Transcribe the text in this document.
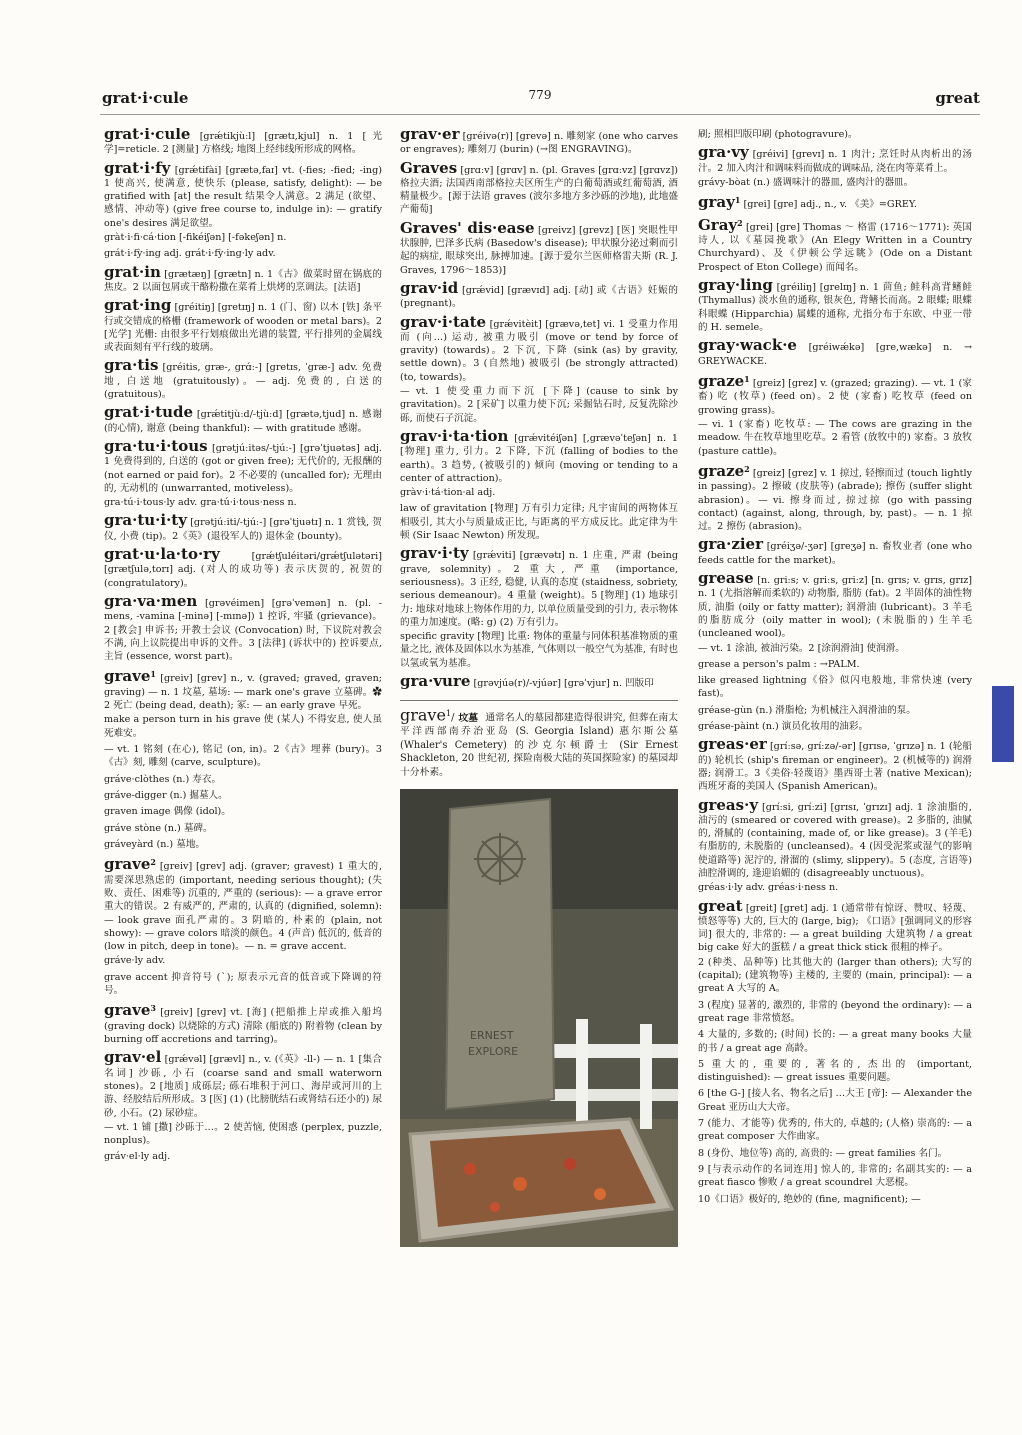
grat·i·cule	779	great
grat·i·cule [grǽtikjùːl] [grætɪ,kjul] n. 1 [光学]=reticle. 2 [测量] 方格线; 地图上经纬线所形成的网格。
grat·i·fy [grǽtifài] [grætə,faɪ] vt. (-fies; -fied; -ing) 1 使高兴, 使满意, 使快乐 (please, satisfy, delight): — be gratified with [at] the result 结果令人满意。2 满足 (欲望、感情、冲动等) (give free course to, indulge in): — gratify one's desires 满足欲望。
gràt·i·fi·cá·tion [-fikéiʃən] [-fəkeʃən] n.
grát·i·fỳ·ing adj. grát·i·fỳ·ing·ly adv.
grat·in [grætæŋ] [grætn] n. 1《古》做菜时留在锅底的焦皮。2 以面包屑或干酪粉撒在菜肴上烘烤的烹调法。[法语]
grat·ing [gréitiŋ] [gretɪŋ] n. 1 (门、窗) 以木 [铁] 条平行或交错成的格栅 (framework of wooden or metal bars)。2 [光学] 光栅: 由很多平行划痕做出光谱的装置, 平行排列的金属线或表面刻有平行线的玻璃。
gra·tis [gréitis, græ-, grɑ́ː-] [gretɪs, ˈgræ-] adv. 免费地, 白送地 (gratuitously)。— adj. 免费的, 白送的 (gratuitous)。
grat·i·tude [grǽtitjùːd/-tjùːd] [grætə,tjud] n. 感谢 (的心情), 谢意 (being thankful): — with gratitude 感谢。
gra·tu·i·tous [grətjúːitəs/-tjúː-] [grəˈtjuətəs] adj. 1 免费得到的, 白送的 (got or given free); 无代价的, 无报酬的 (not earned or paid for)。2 不必要的 (uncalled for); 无理由的, 无动机的 (unwarranted, motiveless)。
gra·tú·i·tous·ly adv. gra·tú·i·tous·ness n.
gra·tu·i·ty [grətjúːiti/-tjúː-] [grəˈtjuətɪ] n. 1 赏钱, 贺仪, 小费 (tip)。2《英》(退役军人的) 退休金 (bounty)。
grat·u·la·to·ry	[grǽtʃuléitəri/grǽtʃulətəri] [grætʃulə,torɪ] adj. (对人的成功等) 表示庆贺的, 祝贺的 (congratulatory)。
gra·va·men [grəvéimen] [grəˈvemən] n. (pl. -mens, -vamina [-minə] [-mɪnə]) 1 控诉, 牢骚 (grievance)。2 [教会] 申诉书; 开教士会议 (Convocation) 时, 下议院对教会不满, 向上议院提出申诉的文件。3 [法律] (诉状中的) 控诉要点, 主旨 (essence, worst part)。
grave$^1$ [greiv] [grev] n., v. (graved; graved, graven; graving) — n. 1 坟墓, 墓场: — mark one's grave 立墓碑。✿ 2 死亡 (being dead, death); 冢: — an early grave 早死。
make a person turn in his grave 使 (某人) 不得安息, 使人虽死难安。
— vt. 1 铭刻 (在心), 铭记 (on, in)。2《古》埋葬 (bury)。3《古》刻, 雕刻 (carve, sculpture)。
gráve·clòthes (n.) 寿衣。
gráve-digger (n.) 掘墓人。
graven image 偶像 (idol)。
gráve stòne (n.) 墓碑。
gráveyàrd (n.) 墓地。
grave$^2$ [greiv] [grev] adj. (graver; gravest) 1 重大的, 需要深思熟虑的 (important, needing serious thought); (失败、责任、困难等) 沉重的, 严重的 (serious): — a grave error 重大的错误。2 有威严的, 严肃的, 认真的 (dignified, solemn): — look grave 面孔严肃的。3 阴暗的, 朴素的 (plain, not showy): — grave colors 暗淡的颜色。4 (声音) 低沉的, 低音的 (low in pitch, deep in tone)。— n. = grave accent.
gráve·ly adv.
grave accent 抑音符号 (ˋ); 原表示元音的低音或下降调的符号。
grave$^3$ [greiv] [grev] vt. [海] (把船推上岸或推入船坞 (graving dock) 以烧除的方式) 清除 (船底的) 附着物 (clean by burning off accretions and tarring)。
grav·el [grǽvəl] [grævl] n., v. (《英》-ll-) — n. 1 [集合名词] 沙砾, 小石 (coarse sand and small waterworn stones)。2 [地质] 成砾层; 砾石堆积于河口、海岸或河川的上游、经胶结后所形成。3 [医] (1) (比膀胱结石或肾结石还小的) 尿砂, 小石。(2) 尿砂症。
— vt. 1 铺 [撒] 沙砾于…。2 使苦恼, 使困惑 (perplex, puzzle, nonplus)。
gráv·el·ly adj.
grav·er [gréivə(r)] [grevə] n. 雕刻家 (one who carves or engraves); 雕刻刀 (burin) (→图 ENGRAVING)。
Graves [grɑːv] [grɑv] n. (pl. Graves [grɑːvz] [grɑvz]) 格拉夫酒; 法国西南部格拉夫区所生产的白葡萄酒或红葡萄酒, 酒精量极少。[源于法语 graves (波尔多地方多沙砾的沙地), 此地盛产葡萄]
Graves' dis·ease [greivz] [grevz] [医] 突眼性甲状腺肿, 巴泽多氏病 (Basedow's disease); 甲状腺分泌过剩而引起的病症, 眼球突出, 脉搏加速。[源于爱尔兰医师格雷夫斯 (R. J. Graves, 1796～1853)]
grav·id [grǽvid] [grævɪd] adj. [动] 或《古语》妊娠的 (pregnant)。
grav·i·tate [grǽvitèit] [grævə,tet] vi. 1 受重力作用而 (向…) 运动, 被重力吸引 (move or tend by force of gravity) (towards)。2 下沉, 下降 (sink (as) by gravity, settle down)。3 (自然地) 被吸引 (be strongly attracted) (to, towards)。
— vt. 1 使受重力而下沉 [下降] (cause to sink by gravitation)。2 [采矿] 以重力使下沉; 采掘钻石时, 反复洗除沙砾, 而使石子沉淀。
grav·i·ta·tion [grǽvitéiʃən] [,grævəˈteʃən] n. 1 [物理] 重力, 引力。2 下降, 下沉 (falling of bodies to the earth)。3 趋势, (被吸引的) 倾向 (moving or tending to a center of attraction)。
gràv·i·tá·tion·al adj.
law of gravitation [物理] 万有引力定律; 凡宇宙间的两物体互相吸引, 其大小与质量成正比, 与距离的平方成反比。此定律为牛顿 (Sir Isaac Newton) 所发现。
grav·i·ty [grǽviti] [grævətɪ] n. 1 庄重, 严肃 (being grave, solemnity)。2 重大, 严重 (importance, seriousness)。3 正经, 稳健, 认真的态度 (staidness, sobriety, serious demeanour)。4 重量 (weight)。5 [物理] (1) 地球引力: 地球对地球上物体作用的力, 以单位质量受到的引力, 表示物体的重力加速度。(略: g) (2) 万有引力。
specific gravity [物理] 比重: 物体的重量与同体积基准物质的重量之比, 液体及固体以水为基准, 气体则以一般空气为基准, 有时也以氢或氧为基准。
gra·vure [grəvjúə(r)/-vjúər] [grəˈvjur] n. 凹版印
grave$^1$/ 坟墓 通常名人的墓园都建造得很讲究, 但葬在南太平洋西部南乔治亚岛 (S. Georgia Island) 惠尔斯公墓 (Whaler's Cemetery) 的沙克尔顿爵士 (Sir Ernest Shackleton, 20 世纪初, 探险南极大陆的英国探险家) 的墓园却十分朴素。
ERNEST
EXPLORE
刷; 照相凹版印刷 (photogravure)。
gra·vy [gréivi] [grevɪ] n. 1 肉汁; 烹饪时从肉析出的汤汁。2 加入肉汁和调味料而做成的调味品, 浇在肉等菜肴上。
grávy-bòat (n.) 盛调味汁的器皿, 盛肉汁的器皿。
gray$^1$ [grei] [gre] adj., n., v. 《美》=GREY.
Gray$^2$ [grei] [gre] Thomas ～ 格雷 (1716～1771): 英国诗人, 以《墓园挽歌》(An Elegy Written in a Country Churchyard)、及《伊顿公学远眺》(Ode on a Distant Prospect of Eton College) 而闻名。
gray·ling [gréiliŋ] [grelɪŋ] n. 1 茴鱼; 鲑科高背鳍鲑 (Thymallus) 淡水鱼的通称, 银灰色, 背鳍长而高。2 眼蝶; 眼蝶科眼蝶 (Hipparchia) 属蝶的通称, 尤指分布于东欧、中亚一带的 H. semele。
gray·wack·e [gréiwǽkə] [gre,wækə] n. → GREYWACKE.
graze$^1$ [greiz] [grez] v. (grazed; grazing). — vt. 1 (家畜) 吃 (牧草) (feed on)。2 使 (家畜) 吃牧草 (feed on growing grass)。
— vi. 1 (家畜) 吃牧草: — The cows are grazing in the meadow. 牛在牧草地里吃草。2 看管 (放牧中的) 家畜。3 放牧 (pasture cattle)。
graze$^2$ [greiz] [grez] v. 1 掠过, 轻擦而过 (touch lightly in passing)。2 擦破 (皮肤等) (abrade); 擦伤 (suffer slight abrasion)。— vi. 擦身而过, 掠过掠 (go with passing contact) (against, along, through, by, past)。— n. 1 掠过。2 擦伤 (abrasion)。
gra·zier [gréiʒə/-ʒər] [greʒə] n. 畜牧业者 (one who feeds cattle for the market)。
grease [n. griːs; v. griːs, griːz] [n. grɪs; v. grɪs, grɪz] n. 1 (尤指溶解而柔软的) 动物脂, 脂肪 (fat)。2 半固体的油性物质, 油脂 (oily or fatty matter); 润滑油 (lubricant)。3 羊毛的脂肪成分 (oily matter in wool); (未脱脂的) 生羊毛 (uncleaned wool)。
— vt. 1 涂油, 被油污染。2 [涂润滑油] 使润滑。
grease a person's palm : →PALM.
like greased lightning《俗》似闪电般地, 非常快速 (very fast)。
gréase-gùn (n.) 滑脂枪; 为机械注入润滑油的泵。
gréase-pàint (n.) 演员化妆用的油彩。
greas·er [gríːsə, gríːzə/-ər] [grɪsə, ˈgrɪzə] n. 1 (轮船的) 轮机长 (ship's fireman or engineer)。2 (机械等的) 润滑器; 润滑工。3《美俗·轻蔑语》墨西哥土著 (native Mexican); 西班牙裔的美国人 (Spanish American)。
greas·y [gríːsi, gríːzi] [grɪsɪ, ˈgrɪzɪ] adj. 1 涂油脂的, 油污的 (smeared or covered with grease)。2 多脂的, 油腻的, 滑腻的 (containing, made of, or like grease)。3 (羊毛) 有脂肪的, 未脱脂的 (uncleansed)。4 (因受泥浆或湿气的影响使道路等) 泥泞的, 滑溜的 (slimy, slippery)。5 (态度, 言语等) 油腔滑调的, 逢迎谄媚的 (disagreeably unctuous)。
gréas·i·ly adv. gréas·i·ness n.
great [greit] [gret] adj. 1 (通常带有惊讶、赞叹、轻蔑、愤怒等等) 大的, 巨大的 (large, big); 《口语》[强调同义的形容词] 很大的, 非常的: — a great building 大建筑物 / a great big cake 好大的蛋糕 / a great thick stick 很粗的棒子。
2 (种类、品种等) 比其他大的 (larger than others); 大写的 (capital); (建筑物等) 主楼的, 主要的 (main, principal): — a great A 大写的 A。
3 (程度) 显著的, 激烈的, 非常的 (beyond the ordinary): — a great rage 非常愤怒。
4 大量的, 多数的; (时间) 长的: — a great many books 大量的书 / a great age 高龄。
5 重大的, 重要的, 著名的, 杰出的 (important, distinguished): — great issues 重要问题。
6 [the G-] [接人名、物名之后] …大王 [帝]: — Alexander the Great 亚历山大大帝。
7 (能力、才能等) 优秀的, 伟大的, 卓越的; (人格) 崇高的: — a great composer 大作曲家。
8 (身份、地位等) 高的, 高贵的: — great families 名门。
9 [与表示动作的名词连用] 惊人的, 非常的; 名副其实的: — a great fiasco 惨败 / a great scoundrel 大恶棍。
10《口语》极好的, 绝妙的 (fine, magnificent); —
